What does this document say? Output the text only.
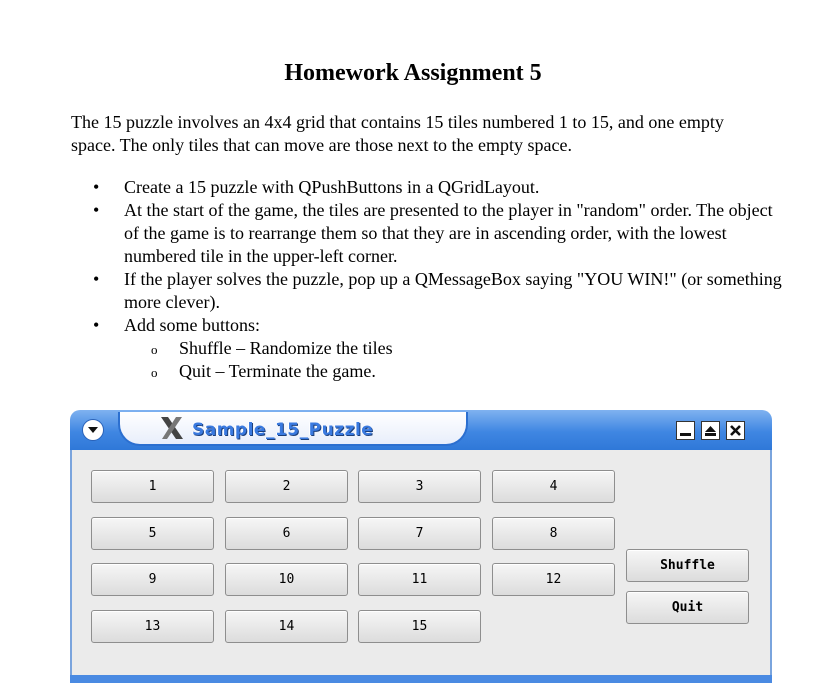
Homework Assignment 5

The 15 puzzle involves an 4x4 grid that contains 15 tiles numbered 1 to 15, and one empty space. The only tiles that can move are those next to the empty space.

• Create a 15 puzzle with QPushButtons in a QGridLayout.
• At the start of the game, the tiles are presented to the player in "random" order. The object of the game is to rearrange them so that they are in ascending order, with the lowest numbered tile in the upper-left corner.
• If the player solves the puzzle, pop up a QMessageBox saying "YOU WIN!" (or something more clever).
• Add some buttons:
o Shuffle – Randomize the tiles
o Quit – Terminate the game.
Sample_15_Puzzle
1	2	3	4
5	6	7	8
9	10	11	12
13	14	15
Shuffle
Quit
